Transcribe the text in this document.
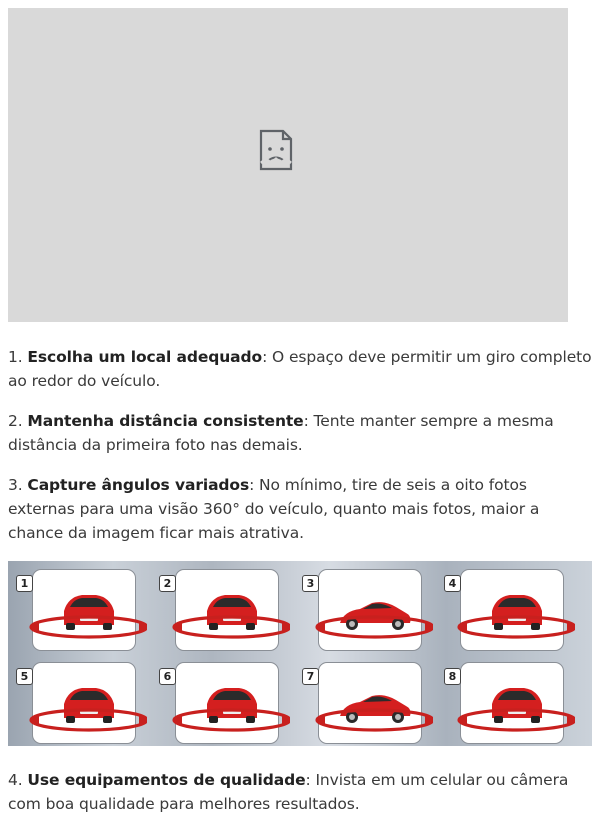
1. Escolha um local adequado: O espaço deve permitir um giro completo ao redor do veículo.

2. Mantenha distância consistente: Tente manter sempre a mesma distância da primeira foto nas demais.

3. Capture ângulos variados: No mínimo, tire de seis a oito fotos externas para uma visão 360° do veículo, quanto mais fotos, maior a chance da imagem ficar mais atrativa.

1	2	3	4
5	6	7	8

4. Use equipamentos de qualidade: Invista em um celular ou câmera com boa qualidade para melhores resultados.
